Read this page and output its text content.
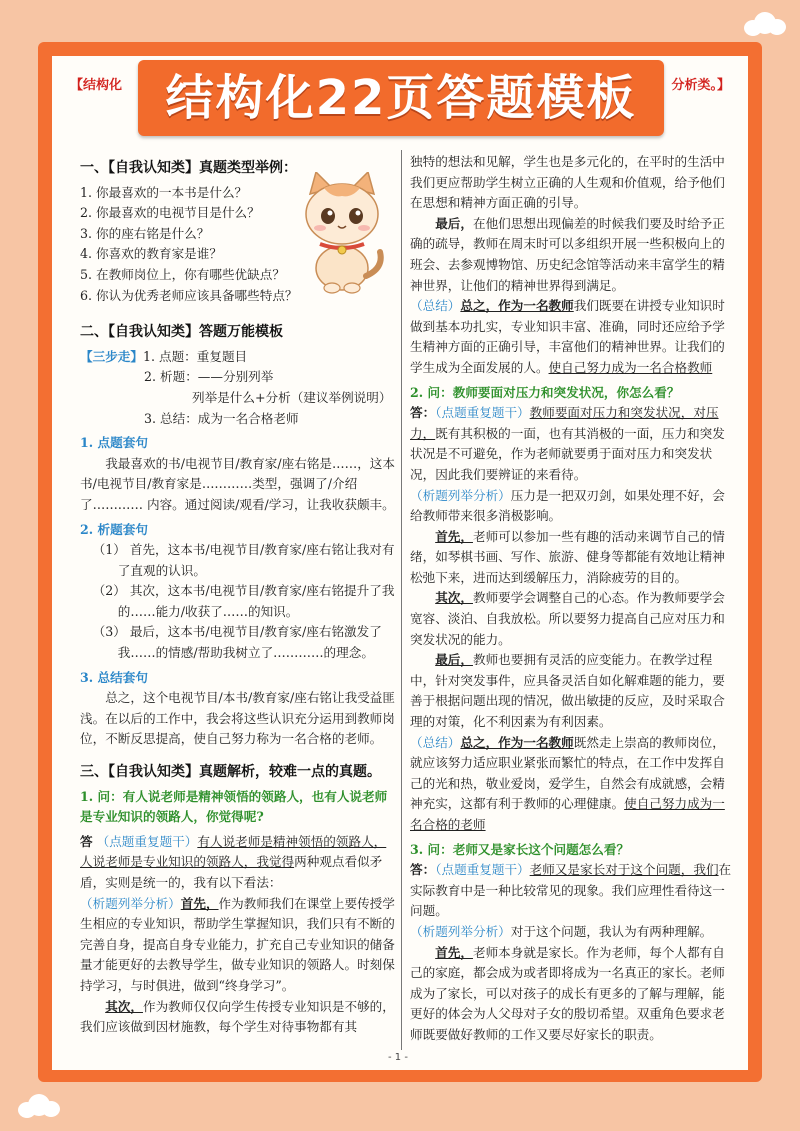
【结构化	分析类。】
结构化22页答题模板
一、【自我认知类】真题类型举例：

1. 你最喜欢的一本书是什么？

2. 你最喜欢的电视节目是什么？

3. 你的座右铭是什么？

4. 你喜欢的教育家是谁？

5. 在教师岗位上，你有哪些优缺点？

6. 你认为优秀老师应该具备哪些特点？

二、【自我认知类】答题万能模板

【三步走】1. 点题：重复题目

2. 析题：——分别列举

列举是什么+分析（建议举例说明）

3. 总结：成为一名合格老师

1. 点题套句

我最喜欢的书/电视节目/教育家/座右铭是……，这本书/电视节目/教育家是…………类型，强调了/介绍了………… 内容。通过阅读/观看/学习，让我收获颇丰。

2. 析题套句

（1） 首先，这本书/电视节目/教育家/座右铭让我对有了直观的认识。

（2） 其次，这本书/电视节目/教育家/座右铭提升了我的……能力/收获了……的知识。

（3） 最后，这本书/电视节目/教育家/座右铭激发了我……的情感/帮助我树立了…………的理念。

3. 总结套句

总之，这个电视节目/本书/教育家/座右铭让我受益匪浅。在以后的工作中，我会将这些认识充分运用到教师岗位，不断反思提高，使自己努力称为一名合格的老师。

三、【自我认知类】真题解析，较难一点的真题。

1. 问：有人说老师是精神领悟的领路人，也有人说老师是专业知识的领路人，你觉得呢?

答 （点题重复题干）有人说老师是精神领悟的领路人，人说老师是专业知识的领路人，我觉得两种观点看似矛盾，实则是统一的，我有以下看法：

（析题列举分析）首先，作为教师我们在课堂上要传授学生相应的专业知识，帮助学生掌握知识，我们只有不断的完善自身，提高自身专业能力，扩充自己专业知识的储备量才能更好的去教导学生，做专业知识的领路人。时刻保持学习，与时俱进，做到“终身学习”。

其次，作为教师仅仅向学生传授专业知识是不够的，我们应该做到因材施教，每个学生对待事物都有其

独特的想法和见解，学生也是多元化的，在平时的生活中我们更应帮助学生树立正确的人生观和价值观，给予他们在思想和精神方面正确的引导。

最后，在他们思想出现偏差的时候我们要及时给予正确的疏导，教师在周末时可以多组织开展一些积极向上的班会、去参观博物馆、历史纪念馆等活动来丰富学生的精神世界，让他们的精神世界得到满足。

（总结）总之，作为一名教师我们既要在讲授专业知识时做到基本功扎实，专业知识丰富、准确，同时还应给予学生精神方面的正确引导，丰富他们的精神世界。让我们的学生成为全面发展的人。使自己努力成为一名合格教师

2. 问：教师要面对压力和突发状况，你怎么看？

答：（点题重复题干）教师要面对压力和突发状况，对压力，既有其积极的一面，也有其消极的一面，压力和突发状况是不可避免，作为老师就要勇于面对压力和突发状况，因此我们要辨证的来看待。

（析题列举分析）压力是一把双刃剑，如果处理不好，会给教师带来很多消极影响。

首先，老师可以参加一些有趣的活动来调节自己的情绪，如琴棋书画、写作、旅游、健身等都能有效地让精神松弛下来，进而达到缓解压力，消除疲劳的目的。

其次，教师要学会调整自己的心态。作为教师要学会宽容、淡泊、自我放松。所以要努力提高自己应对压力和突发状况的能力。

最后，教师也要拥有灵活的应变能力。在教学过程中，针对突发事件，应具备灵活自如化解难题的能力，要善于根据问题出现的情况，做出敏捷的反应，及时采取合理的对策，化不利因素为有利因素。

（总结）总之，作为一名教师既然走上崇高的教师岗位，就应该努力适应职业紧张而繁忙的特点，在工作中发挥自己的光和热，敬业爱岗，爱学生，自然会有成就感，会精神充实，这都有利于教师的心理健康。使自己努力成为一名合格的老师

3. 问：老师又是家长这个问题怎么看？

答：（点题重复题干）老师又是家长对于这个问题，我们在实际教育中是一种比较常见的现象。我们应理性看待这一问题。

（析题列举分析）对于这个问题，我认为有两种理解。

首先，老师本身就是家长。作为老师，每个人都有自己的家庭，都会成为或者即将成为一名真正的家长。老师成为了家长，可以对孩子的成长有更多的了解与理解，能更好的体会为人父母对子女的殷切希望。双重角色要求老师既要做好教师的工作又要尽好家长的职责。

- 1 -
